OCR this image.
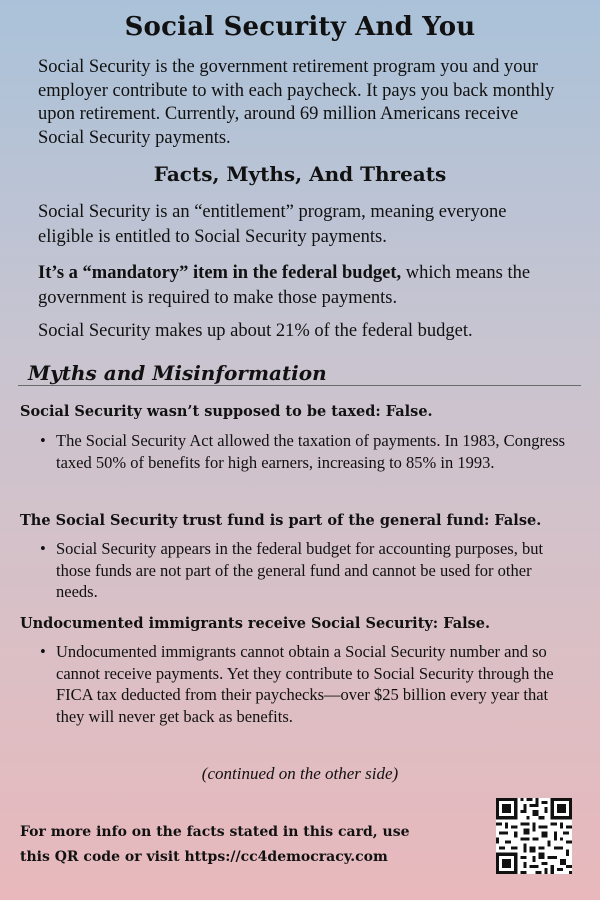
Social Security And You
Social Security is the government retirement program you and your employer contribute to with each paycheck. It pays you back monthly upon retirement. Currently, around 69 million Americans receive Social Security payments.
Facts, Myths, And Threats
Social Security is an “entitlement” program, meaning everyone eligible is entitled to Social Security payments.
It’s a “mandatory” item in the federal budget, which means the government is required to make those payments.
Social Security makes up about 21% of the federal budget.
Myths and Misinformation
Social Security wasn’t supposed to be taxed: False.
• The Social Security Act allowed the taxation of payments. In 1983, Congress taxed 50% of benefits for high earners, increasing to 85% in 1993.
The Social Security trust fund is part of the general fund: False.
• Social Security appears in the federal budget for accounting purposes, but those funds are not part of the general fund and cannot be used for other needs.
Undocumented immigrants receive Social Security: False.
• Undocumented immigrants cannot obtain a Social Security number and so cannot receive payments. Yet they contribute to Social Security through the FICA tax deducted from their paychecks—over $25 billion every year that they will never get back as benefits.
(continued on the other side)
For more info on the facts stated in this card, use
this QR code or visit https://cc4democracy.com
